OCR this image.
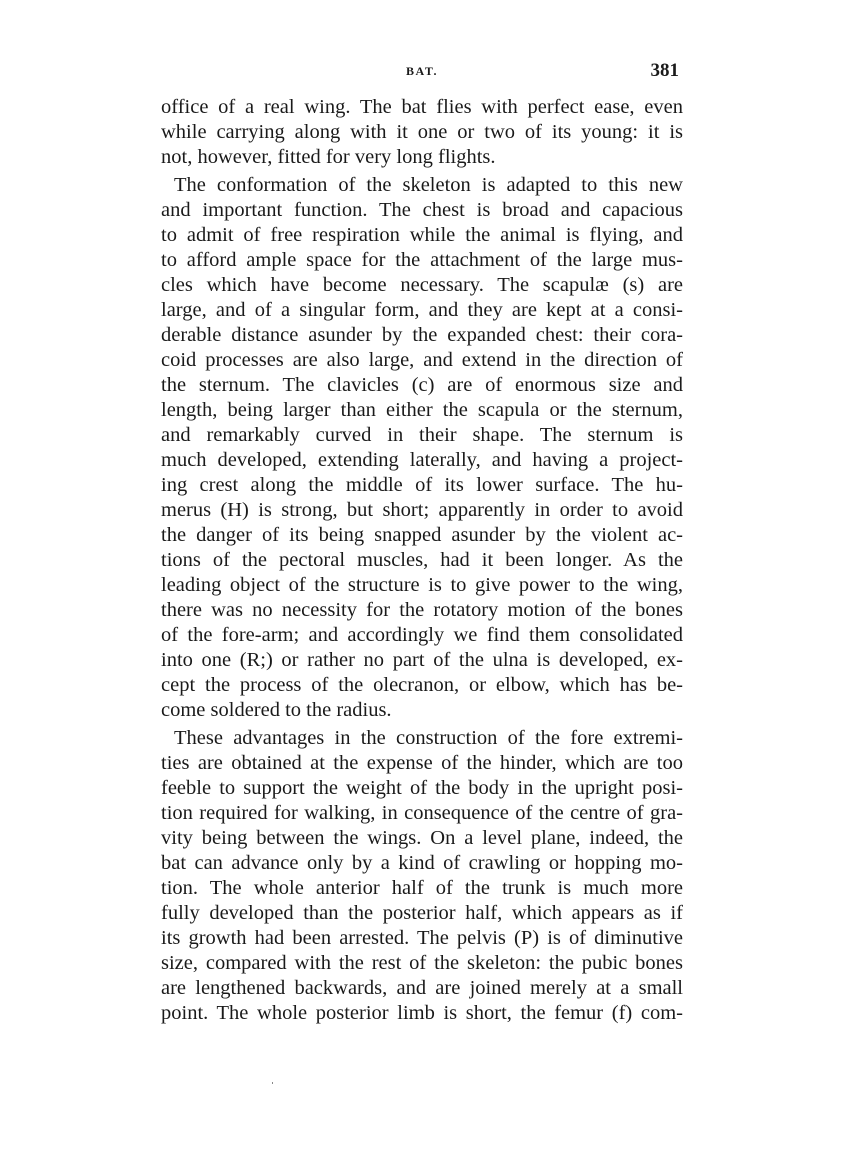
BAT.	381
office of a real wing. The bat flies with perfect ease, even
while carrying along with it one or two of its young: it is
not, however, fitted for very long flights.
The conformation of the skeleton is adapted to this new
and important function. The chest is broad and capacious
to admit of free respiration while the animal is flying, and
to afford ample space for the attachment of the large mus-
cles which have become necessary. The scapulæ (s) are
large, and of a singular form, and they are kept at a consi-
derable distance asunder by the expanded chest: their cora-
coid processes are also large, and extend in the direction of
the sternum. The clavicles (c) are of enormous size and
length, being larger than either the scapula or the sternum,
and remarkably curved in their shape. The sternum is
much developed, extending laterally, and having a project-
ing crest along the middle of its lower surface. The hu-
merus (H) is strong, but short; apparently in order to avoid
the danger of its being snapped asunder by the violent ac-
tions of the pectoral muscles, had it been longer. As the
leading object of the structure is to give power to the wing,
there was no necessity for the rotatory motion of the bones
of the fore-arm; and accordingly we find them consolidated
into one (R;) or rather no part of the ulna is developed, ex-
cept the process of the olecranon, or elbow, which has be-
come soldered to the radius.
These advantages in the construction of the fore extremi-
ties are obtained at the expense of the hinder, which are too
feeble to support the weight of the body in the upright posi-
tion required for walking, in consequence of the centre of gra-
vity being between the wings. On a level plane, indeed, the
bat can advance only by a kind of crawling or hopping mo-
tion. The whole anterior half of the trunk is much more
fully developed than the posterior half, which appears as if
its growth had been arrested. The pelvis (P) is of diminutive
size, compared with the rest of the skeleton: the pubic bones
are lengthened backwards, and are joined merely at a small
point. The whole posterior limb is short, the femur (f) com-
